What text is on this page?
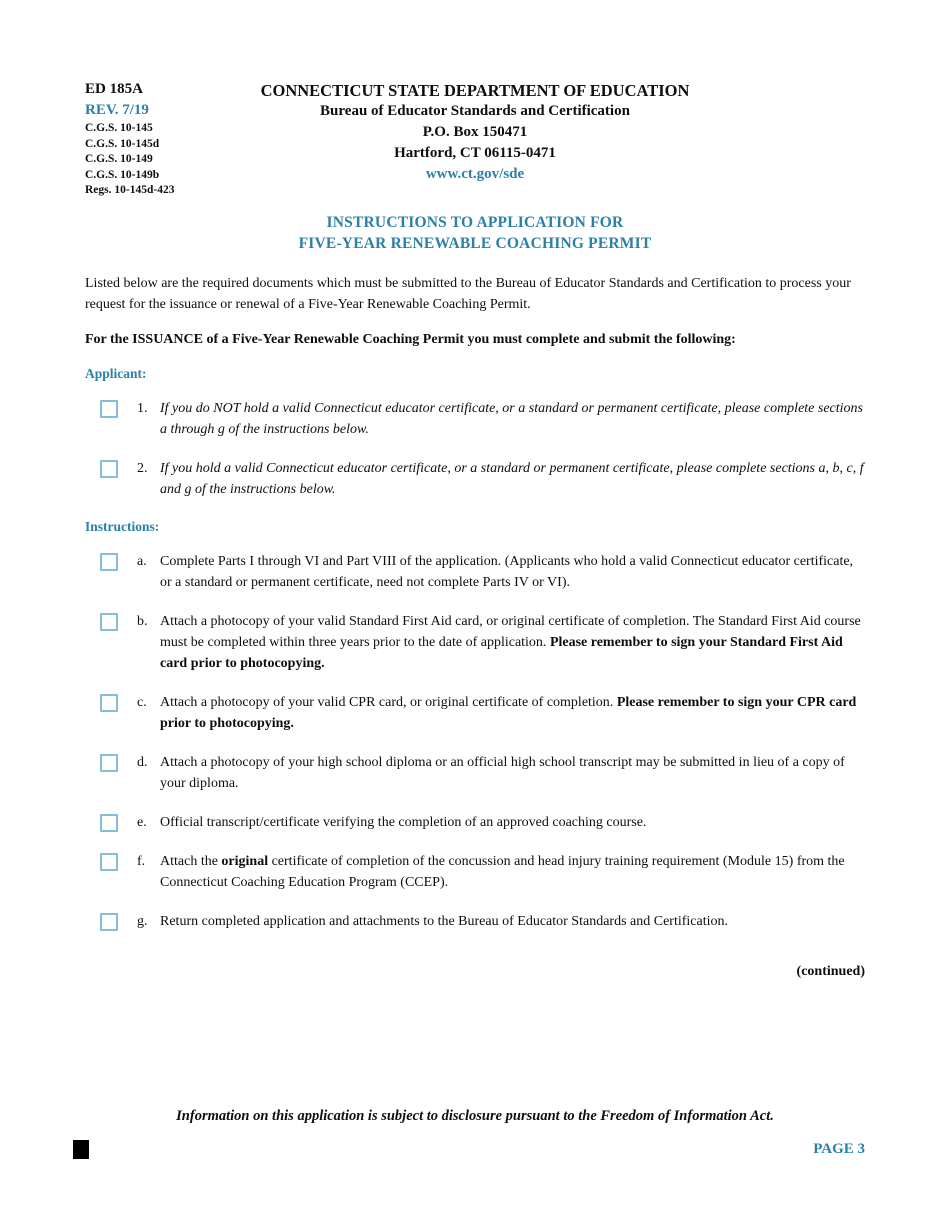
ED 185A
REV. 7/19
C.G.S. 10-145
C.G.S. 10-145d
C.G.S. 10-149
C.G.S. 10-149b
Regs. 10-145d-423
CONNECTICUT STATE DEPARTMENT OF EDUCATION
Bureau of Educator Standards and Certification
P.O. Box 150471
Hartford, CT 06115-0471
www.ct.gov/sde
INSTRUCTIONS TO APPLICATION FOR
FIVE-YEAR RENEWABLE COACHING PERMIT

Listed below are the required documents which must be submitted to the Bureau of Educator Standards and Certification to process your request for the issuance or renewal of a Five-Year Renewable Coaching Permit.

For the ISSUANCE of a Five-Year Renewable Coaching Permit you must complete and submit the following:

Applicant:
1. If you do NOT hold a valid Connecticut educator certificate, or a standard or permanent certificate, please complete sections a through g of the instructions below.
2. If you hold a valid Connecticut educator certificate, or a standard or permanent certificate, please complete sections a, b, c, f and g of the instructions below.
Instructions:
a. Complete Parts I through VI and Part VIII of the application. (Applicants who hold a valid Connecticut educator certificate, or a standard or permanent certificate, need not complete Parts IV or VI).
b. Attach a photocopy of your valid Standard First Aid card, or original certificate of completion. The Standard First Aid course must be completed within three years prior to the date of application. Please remember to sign your Standard First Aid card prior to photocopying.
c. Attach a photocopy of your valid CPR card, or original certificate of completion. Please remember to sign your CPR card prior to photocopying.
d. Attach a photocopy of your high school diploma or an official high school transcript may be submitted in lieu of a copy of your diploma.
e. Official transcript/certificate verifying the completion of an approved coaching course.
f.	Attach the original certificate of completion of the concussion and head injury training requirement (Module 15) from the Connecticut Coaching Education Program (CCEP).
g. Return completed application and attachments to the Bureau of Educator Standards and Certification.
(continued)
Information on this application is subject to disclosure pursuant to the Freedom of Information Act.
PAGE 3
